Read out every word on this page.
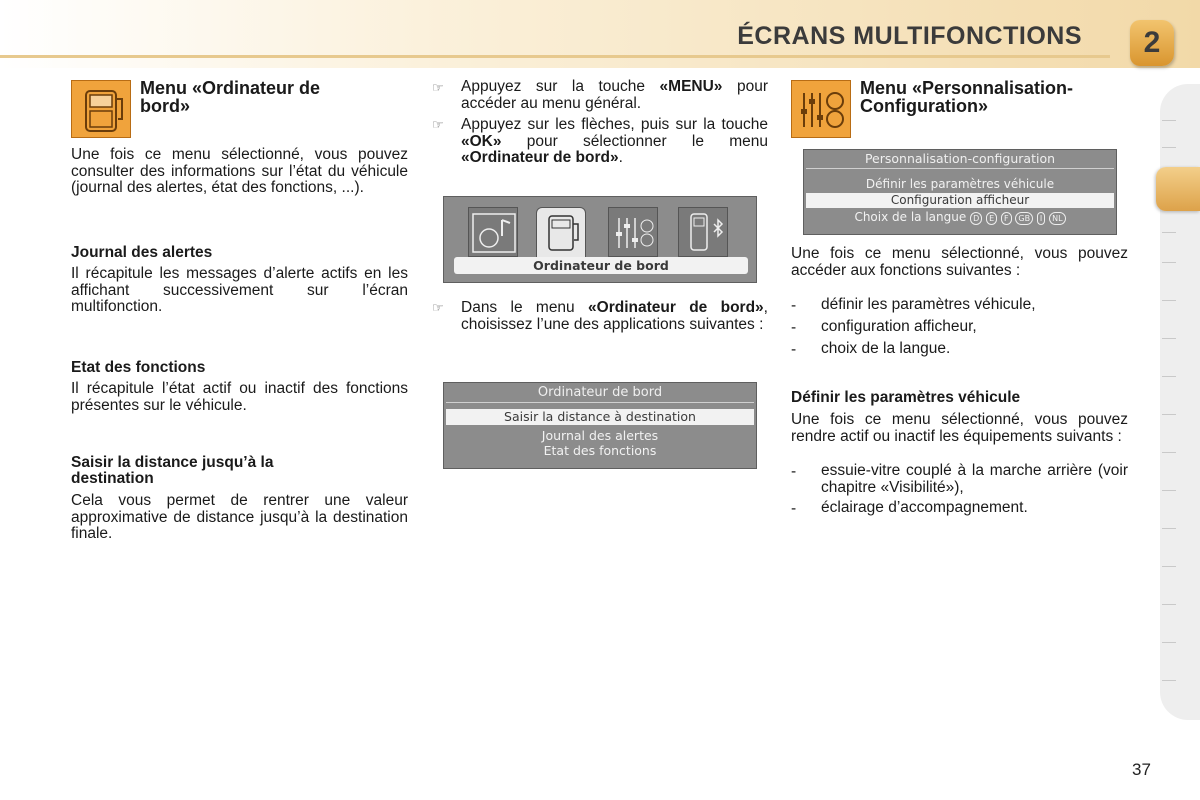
ÉCRANS MULTIFONCTIONS	2
Menu «Ordinateur de
bord»
Une fois ce menu sélectionné, vous pouvez consulter des informations sur l’état du véhicule (journal des alertes, état des fonctions, ...).
Journal des alertes
Il récapitule les messages d’alerte actifs en les affichant successivement sur l’écran multifonction.
Etat des fonctions
Il récapitule l’état actif ou inactif des fonctions présentes sur le véhicule.
Saisir la distance jusqu’à la
destination
Cela vous permet de rentrer une valeur approximative de distance jusqu’à la destination finale.
☞ Appuyez sur la touche «MENU» pour accéder au menu général.
☞ Appuyez sur les flèches, puis sur la touche «OK» pour sélectionner le menu «Ordinateur de bord».
Ordinateur de bord
☞ Dans le menu «Ordinateur de bord», choisissez l’une des applications suivantes :
Ordinateur de bord
Saisir la distance à destination
Journal des alertes
Etat des fonctions
Menu «Personnalisation-
Configuration»
Personnalisation-configuration
Définir les paramètres véhicule
Configuration afficheur
Choix de la langue D E F GB I NL
Une fois ce menu sélectionné, vous pouvez accéder aux fonctions suivantes :
- définir les paramètres véhicule,
- configuration afficheur,
- choix de la langue.
Définir les paramètres véhicule
Une fois ce menu sélectionné, vous pouvez rendre actif ou inactif les équipements suivants :
- essuie-vitre couplé à la marche arrière (voir chapitre «Visibilité»),
- éclairage d’accompagnement.
37
